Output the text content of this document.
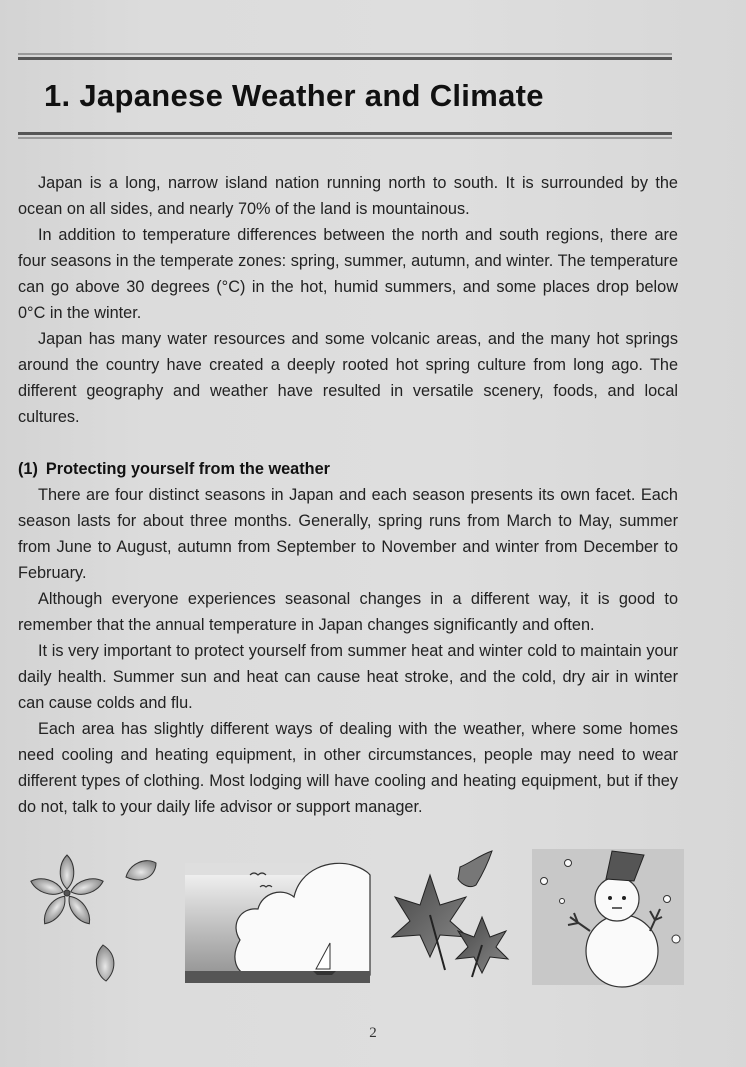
1. Japanese Weather and Climate

Japan is a long, narrow island nation running north to south. It is surrounded by the ocean on all sides, and nearly 70% of the land is mountainous.

In addition to temperature differences between the north and south regions, there are four seasons in the temperate zones: spring, summer, autumn, and winter. The temperature can go above 30 degrees (°C) in the hot, humid summers, and some places drop below 0°C in the winter.

Japan has many water resources and some volcanic areas, and the many hot springs around the country have created a deeply rooted hot spring culture from long ago. The different geography and weather have resulted in versatile scenery, foods, and local cultures.

(1) Protecting yourself from the weather

There are four distinct seasons in Japan and each season presents its own facet. Each season lasts for about three months. Generally, spring runs from March to May, summer from June to August, autumn from September to November and winter from December to February.

Although everyone experiences seasonal changes in a different way, it is good to remember that the annual temperature in Japan changes significantly and often.

It is very important to protect yourself from summer heat and winter cold to maintain your daily health. Summer sun and heat can cause heat stroke, and the cold, dry air in winter can cause colds and flu.

Each area has slightly different ways of dealing with the weather, where some homes need cooling and heating equipment, in other circumstances, people may need to wear different types of clothing. Most lodging will have cooling and heating equipment, but if they do not, talk to your daily life advisor or support manager.

2
